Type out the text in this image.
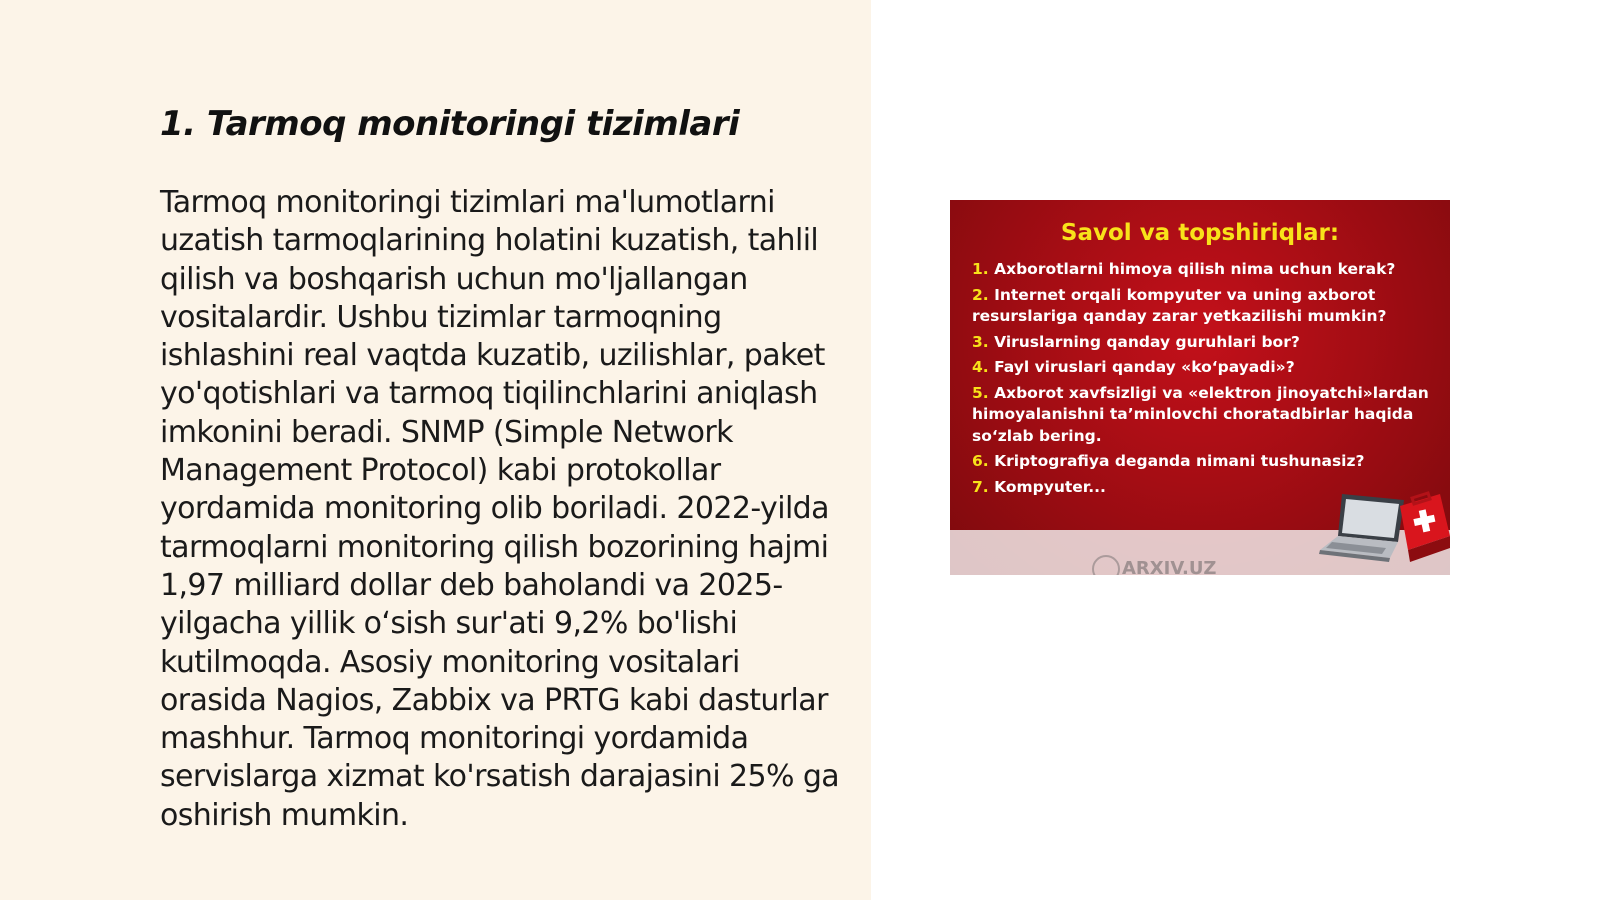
1. Tarmoq monitoringi tizimlari

Tarmoq monitoringi tizimlari ma'lumotlarni uzatish tarmoqlarining holatini kuzatish, tahlil qilish va boshqarish uchun mo'ljallangan vositalardir. Ushbu tizimlar tarmoqning ishlashini real vaqtda kuzatib, uzilishlar, paket yo'qotishlari va tarmoq tiqilinchlarini aniqlash imkonini beradi. SNMP (Simple Network Management Protocol) kabi protokollar yordamida monitoring olib boriladi. 2022-yilda tarmoqlarni monitoring qilish bozorining hajmi 1,97 milliard dollar deb baholandi va 2025-yilgacha yillik o‘sish sur'ati 9,2% bo'lishi kutilmoqda. Asosiy monitoring vositalari orasida Nagios, Zabbix va PRTG kabi dasturlar mashhur. Tarmoq monitoringi yordamida servislarga xizmat ko'rsatish darajasini 25% ga oshirish mumkin.

Savol va topshiriqlar:
1. Axborotlarni himoya qilish nima uchun kerak?
2. Internet orqali kompyuter va uning axborot resurslariga qanday zarar yetkazilishi mumkin?
3. Viruslarning qanday guruhlari bor?
4. Fayl viruslari qanday «ko‘payadi»?
5. Axborot xavfsizligi va «elektron jinoyatchi»lardan himoyalanishni ta’minlovchi choratadbirlar haqida so‘zlab bering.
6. Kriptografiya deganda nimani tushunasiz?
7. Kompyuter...
ARXIV.UZ
